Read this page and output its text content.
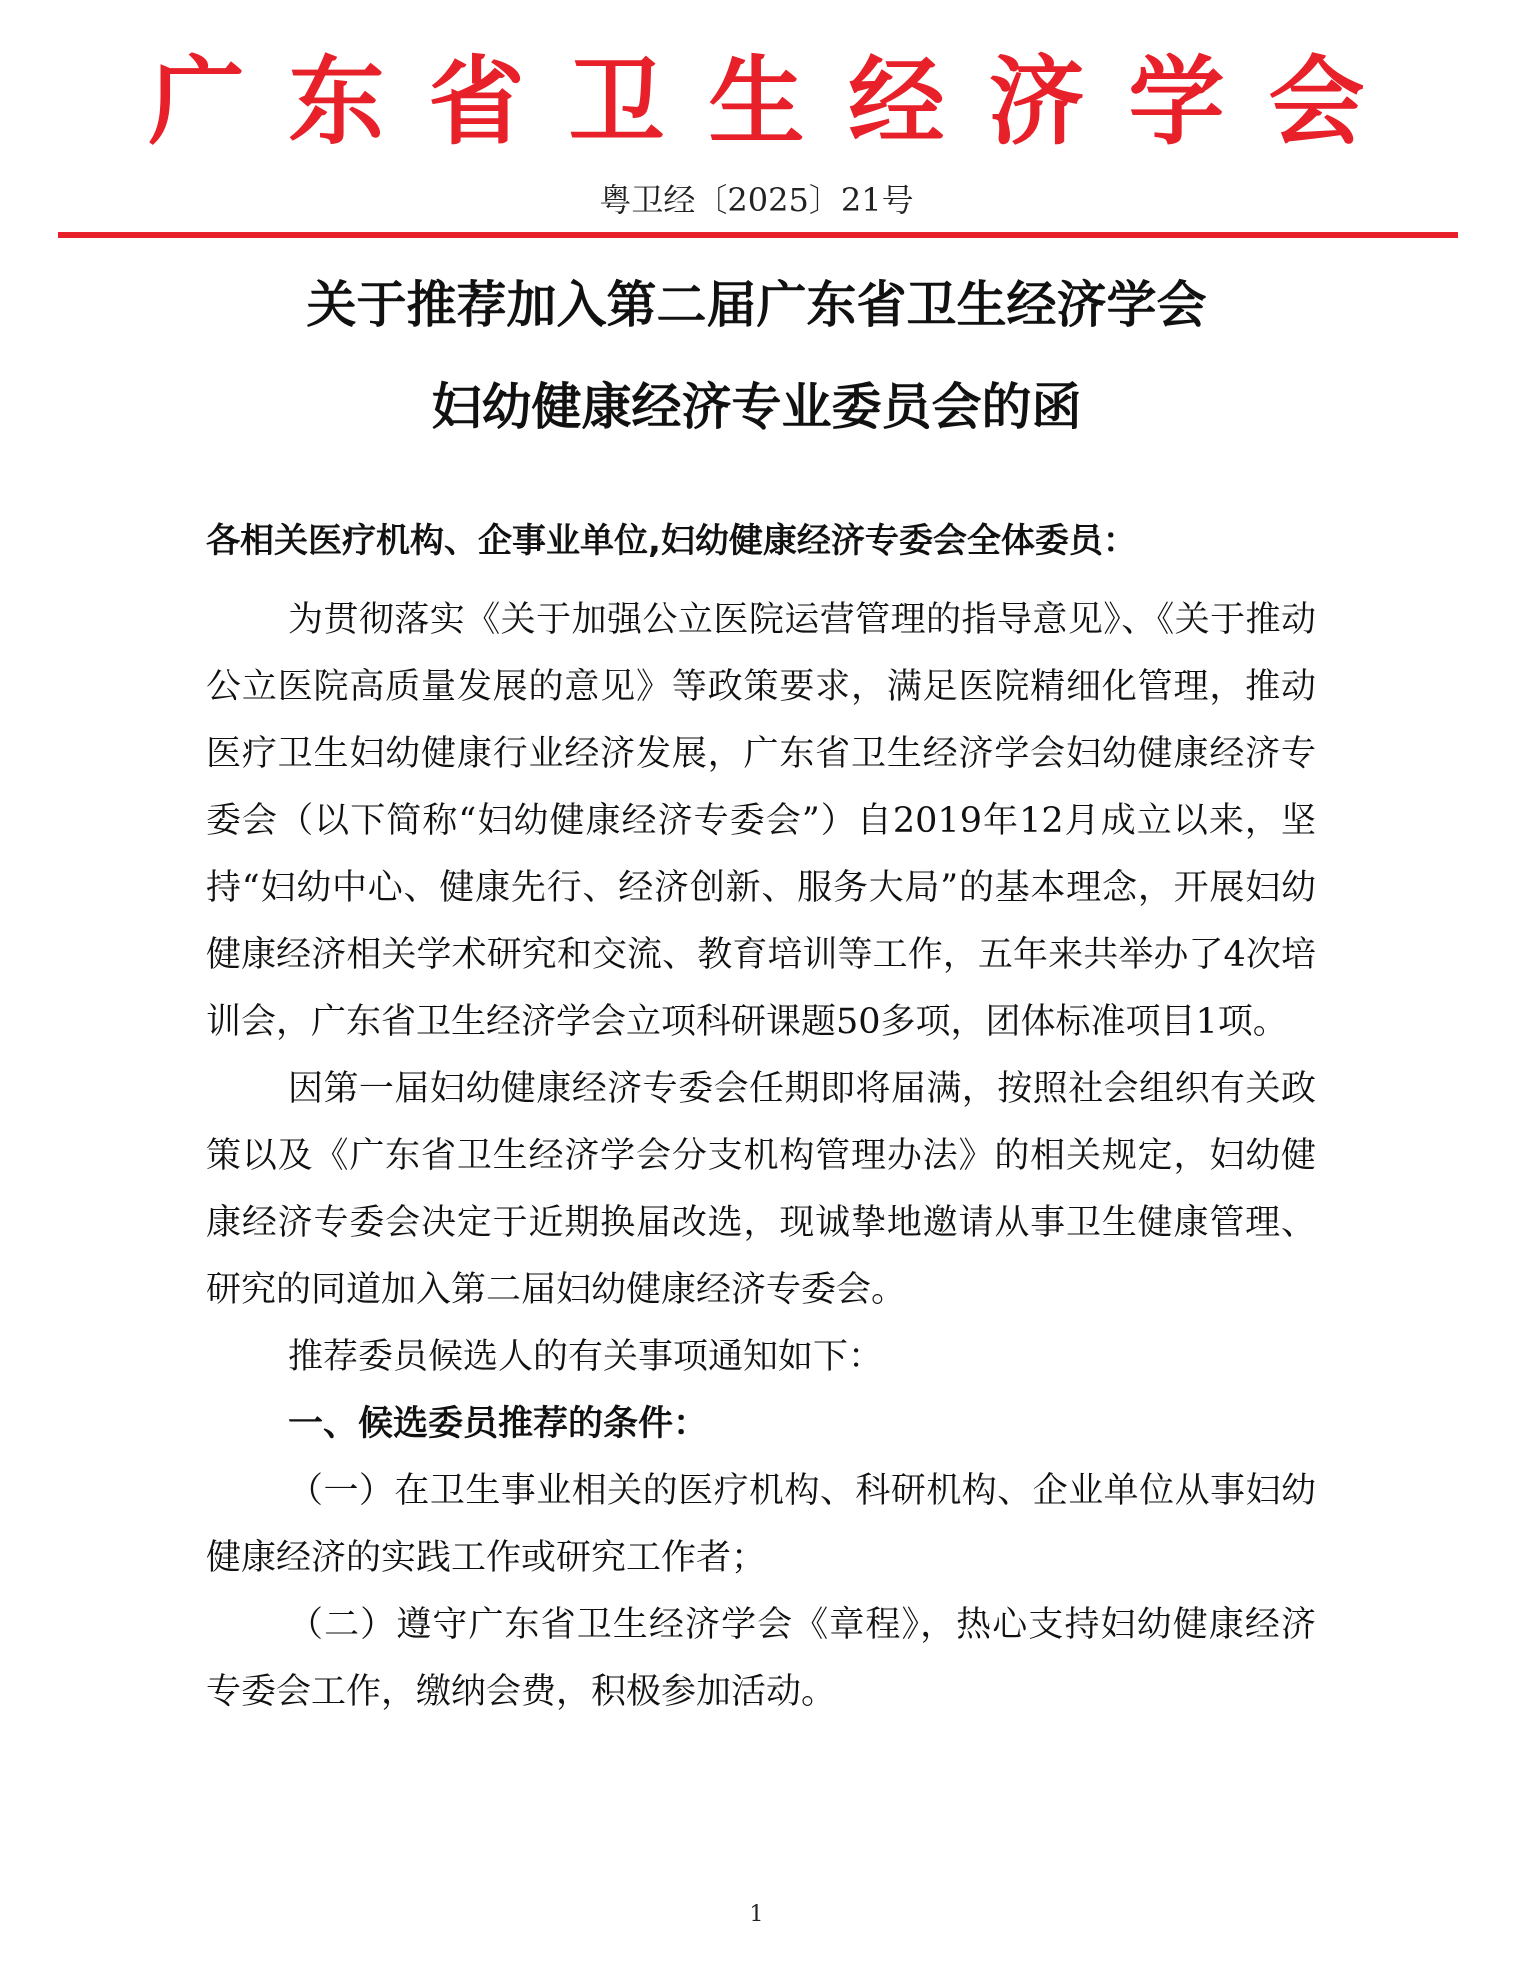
广东省卫生经济学会
粤卫经〔2025〕21号
关于推荐加入第二届广东省卫生经济学会
妇幼健康经济专业委员会的函

各相关医疗机构、企事业单位,妇幼健康经济专委会全体委员：

为贯彻落实《关于加强公立医院运营管理的指导意见》、《关于推动公立医院高质量发展的意见》等政策要求，满足医院精细化管理，推动医疗卫生妇幼健康行业经济发展，广东省卫生经济学会妇幼健康经济专委会（以下简称“妇幼健康经济专委会”）自2019年12月成立以来，坚持“妇幼中心、健康先行、经济创新、服务大局”的基本理念，开展妇幼健康经济相关学术研究和交流、教育培训等工作，五年来共举办了4次培训会，广东省卫生经济学会立项科研课题50多项，团体标准项目1项。

因第一届妇幼健康经济专委会任期即将届满，按照社会组织有关政策以及《广东省卫生经济学会分支机构管理办法》的相关规定，妇幼健康经济专委会决定于近期换届改选，现诚挚地邀请从事卫生健康管理、研究的同道加入第二届妇幼健康经济专委会。

推荐委员候选人的有关事项通知如下：

一、候选委员推荐的条件：

（一）在卫生事业相关的医疗机构、科研机构、企业单位从事妇幼健康经济的实践工作或研究工作者；

（二）遵守广东省卫生经济学会《章程》，热心支持妇幼健康经济专委会工作，缴纳会费，积极参加活动。

1
